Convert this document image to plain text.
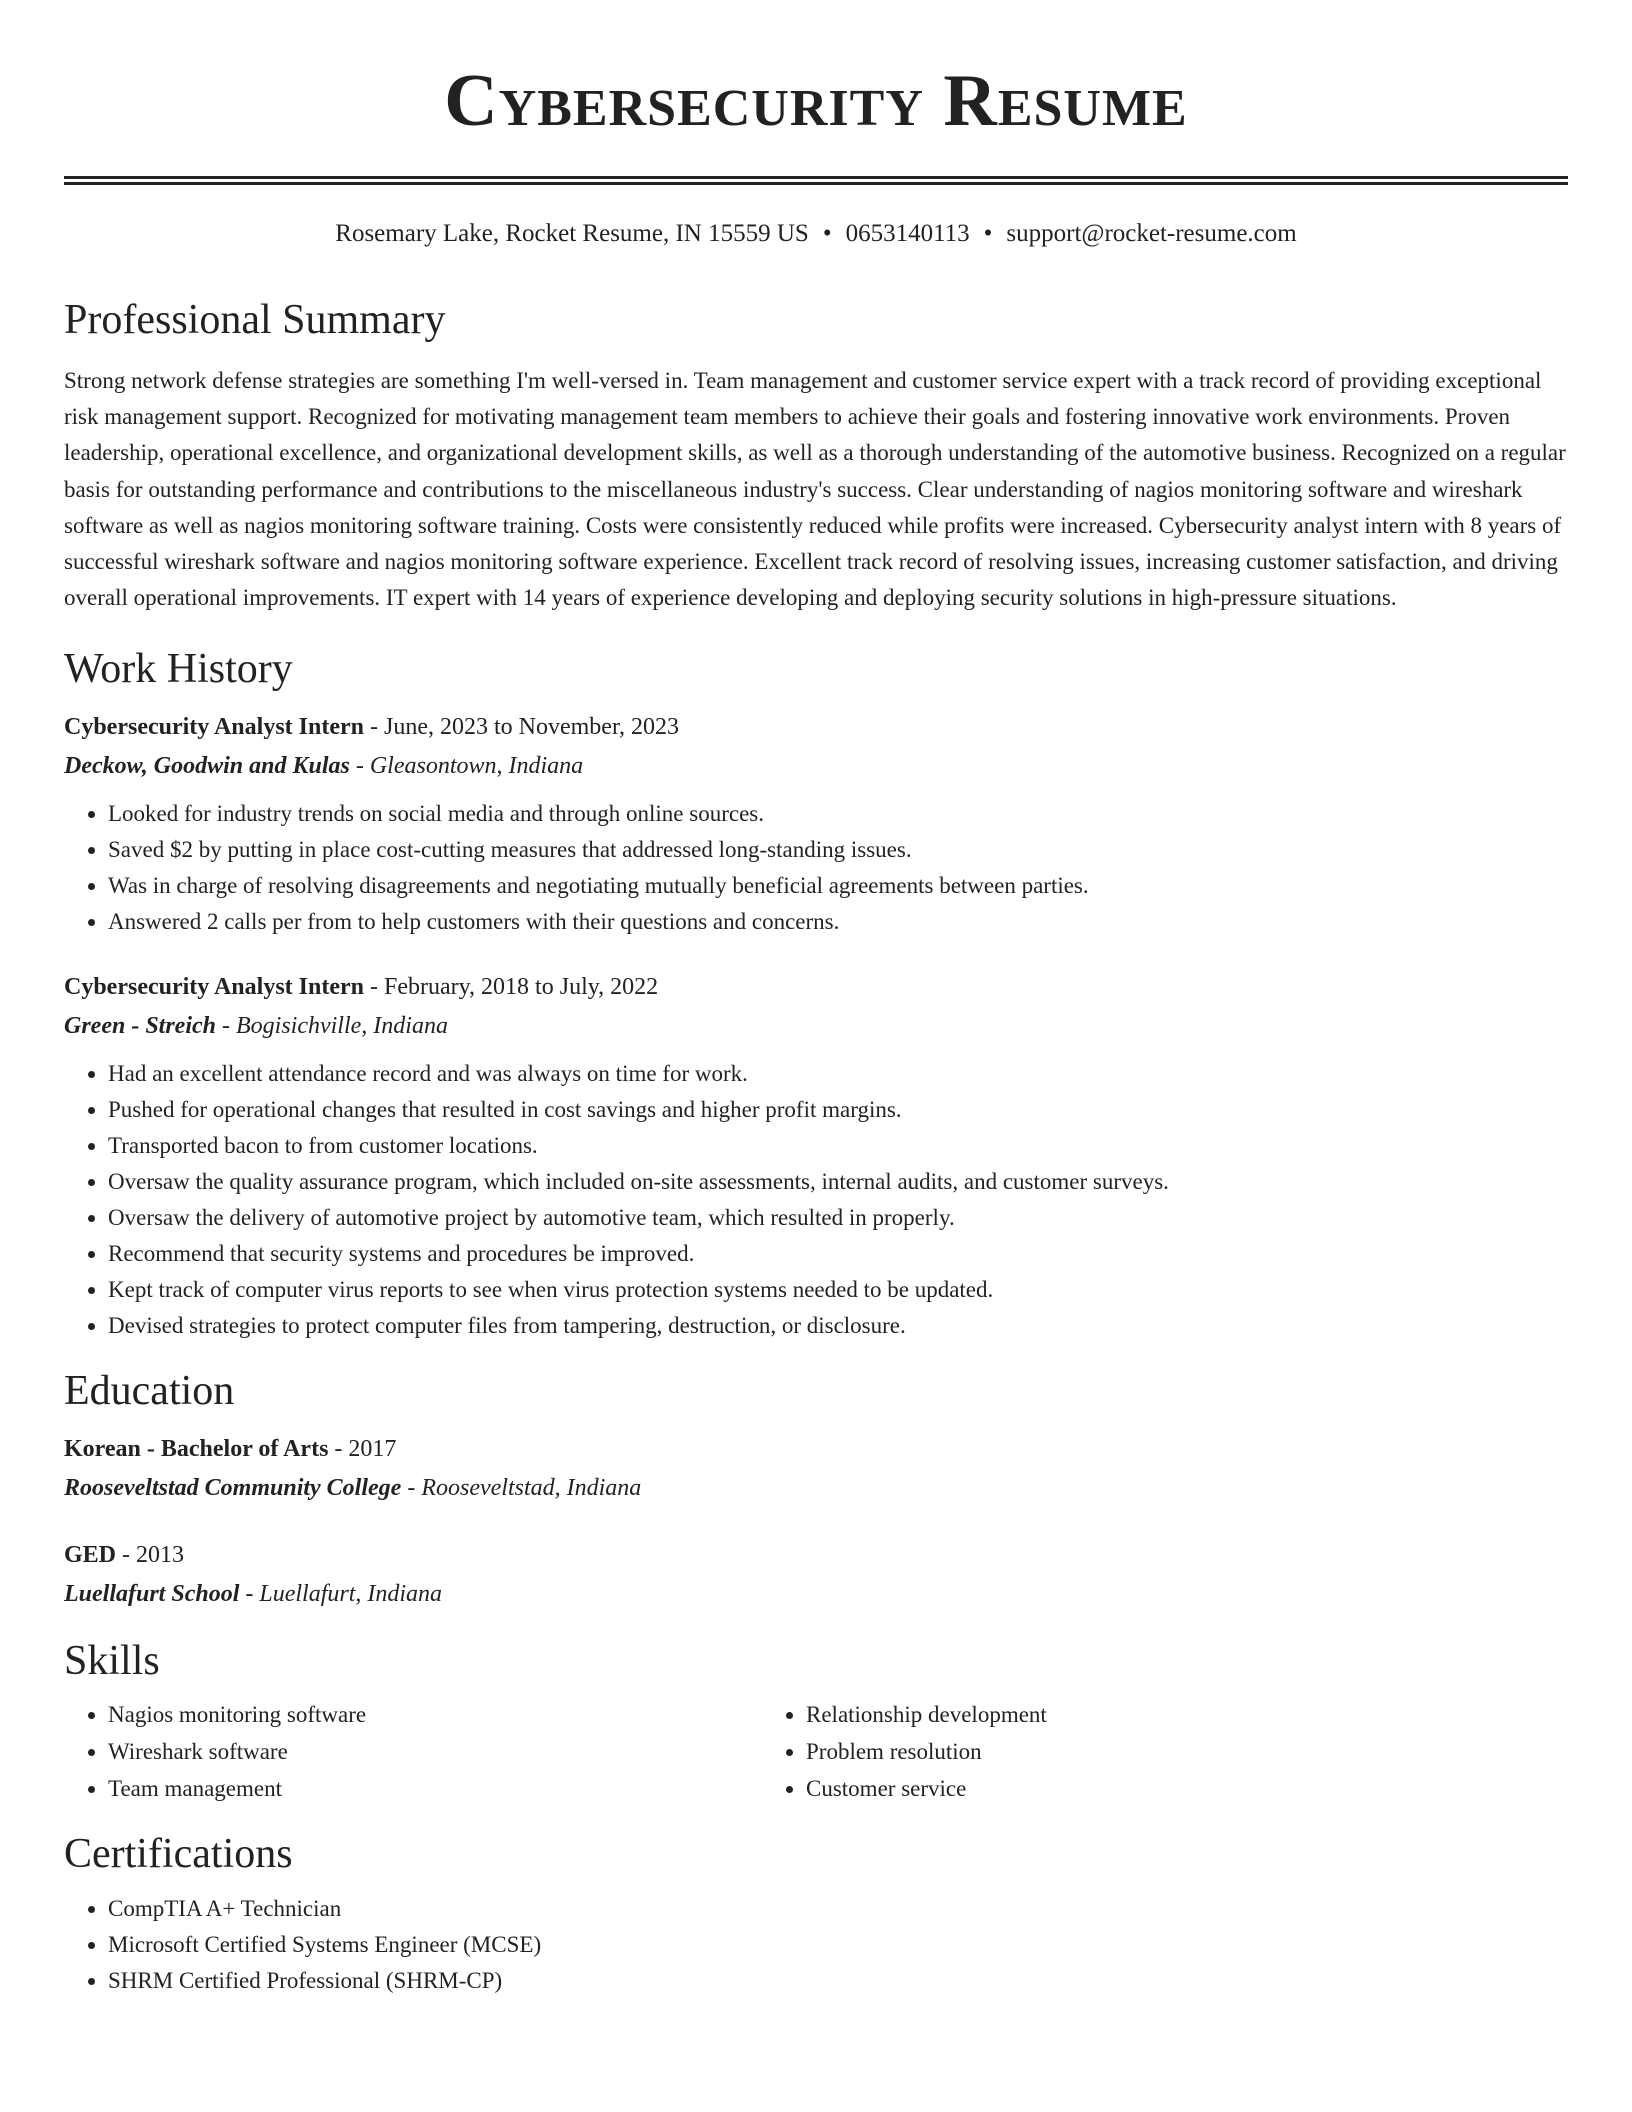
Cybersecurity Resume
Rosemary Lake, Rocket Resume, IN 15559 US • 0653140113 • support@rocket-resume.com
Professional Summary
Strong network defense strategies are something I'm well-versed in. Team management and customer service expert with a track record of providing exceptional risk management support. Recognized for motivating management team members to achieve their goals and fostering innovative work environments. Proven leadership, operational excellence, and organizational development skills, as well as a thorough understanding of the automotive business. Recognized on a regular basis for outstanding performance and contributions to the miscellaneous industry's success. Clear understanding of nagios monitoring software and wireshark software as well as nagios monitoring software training. Costs were consistently reduced while profits were increased. Cybersecurity analyst intern with 8 years of successful wireshark software and nagios monitoring software experience. Excellent track record of resolving issues, increasing customer satisfaction, and driving overall operational improvements. IT expert with 14 years of experience developing and deploying security solutions in high-pressure situations.
Work History
Cybersecurity Analyst Intern - June, 2023 to November, 2023
Deckow, Goodwin and Kulas - Gleasontown, Indiana
• Looked for industry trends on social media and through online sources.
• Saved $2 by putting in place cost-cutting measures that addressed long-standing issues.
• Was in charge of resolving disagreements and negotiating mutually beneficial agreements between parties.
• Answered 2 calls per from to help customers with their questions and concerns.
Cybersecurity Analyst Intern - February, 2018 to July, 2022
Green - Streich - Bogisichville, Indiana
• Had an excellent attendance record and was always on time for work.
• Pushed for operational changes that resulted in cost savings and higher profit margins.
• Transported bacon to from customer locations.
• Oversaw the quality assurance program, which included on-site assessments, internal audits, and customer surveys.
• Oversaw the delivery of automotive project by automotive team, which resulted in properly.
• Recommend that security systems and procedures be improved.
• Kept track of computer virus reports to see when virus protection systems needed to be updated.
• Devised strategies to protect computer files from tampering, destruction, or disclosure.
Education
Korean - Bachelor of Arts - 2017
Rooseveltstad Community College - Rooseveltstad, Indiana
GED - 2013
Luellafurt School - Luellafurt, Indiana
Skills
• Nagios monitoring software
• Wireshark software
• Team management
• Relationship development
• Problem resolution
• Customer service
Certifications
• CompTIA A+ Technician
• Microsoft Certified Systems Engineer (MCSE)
• SHRM Certified Professional (SHRM-CP)
